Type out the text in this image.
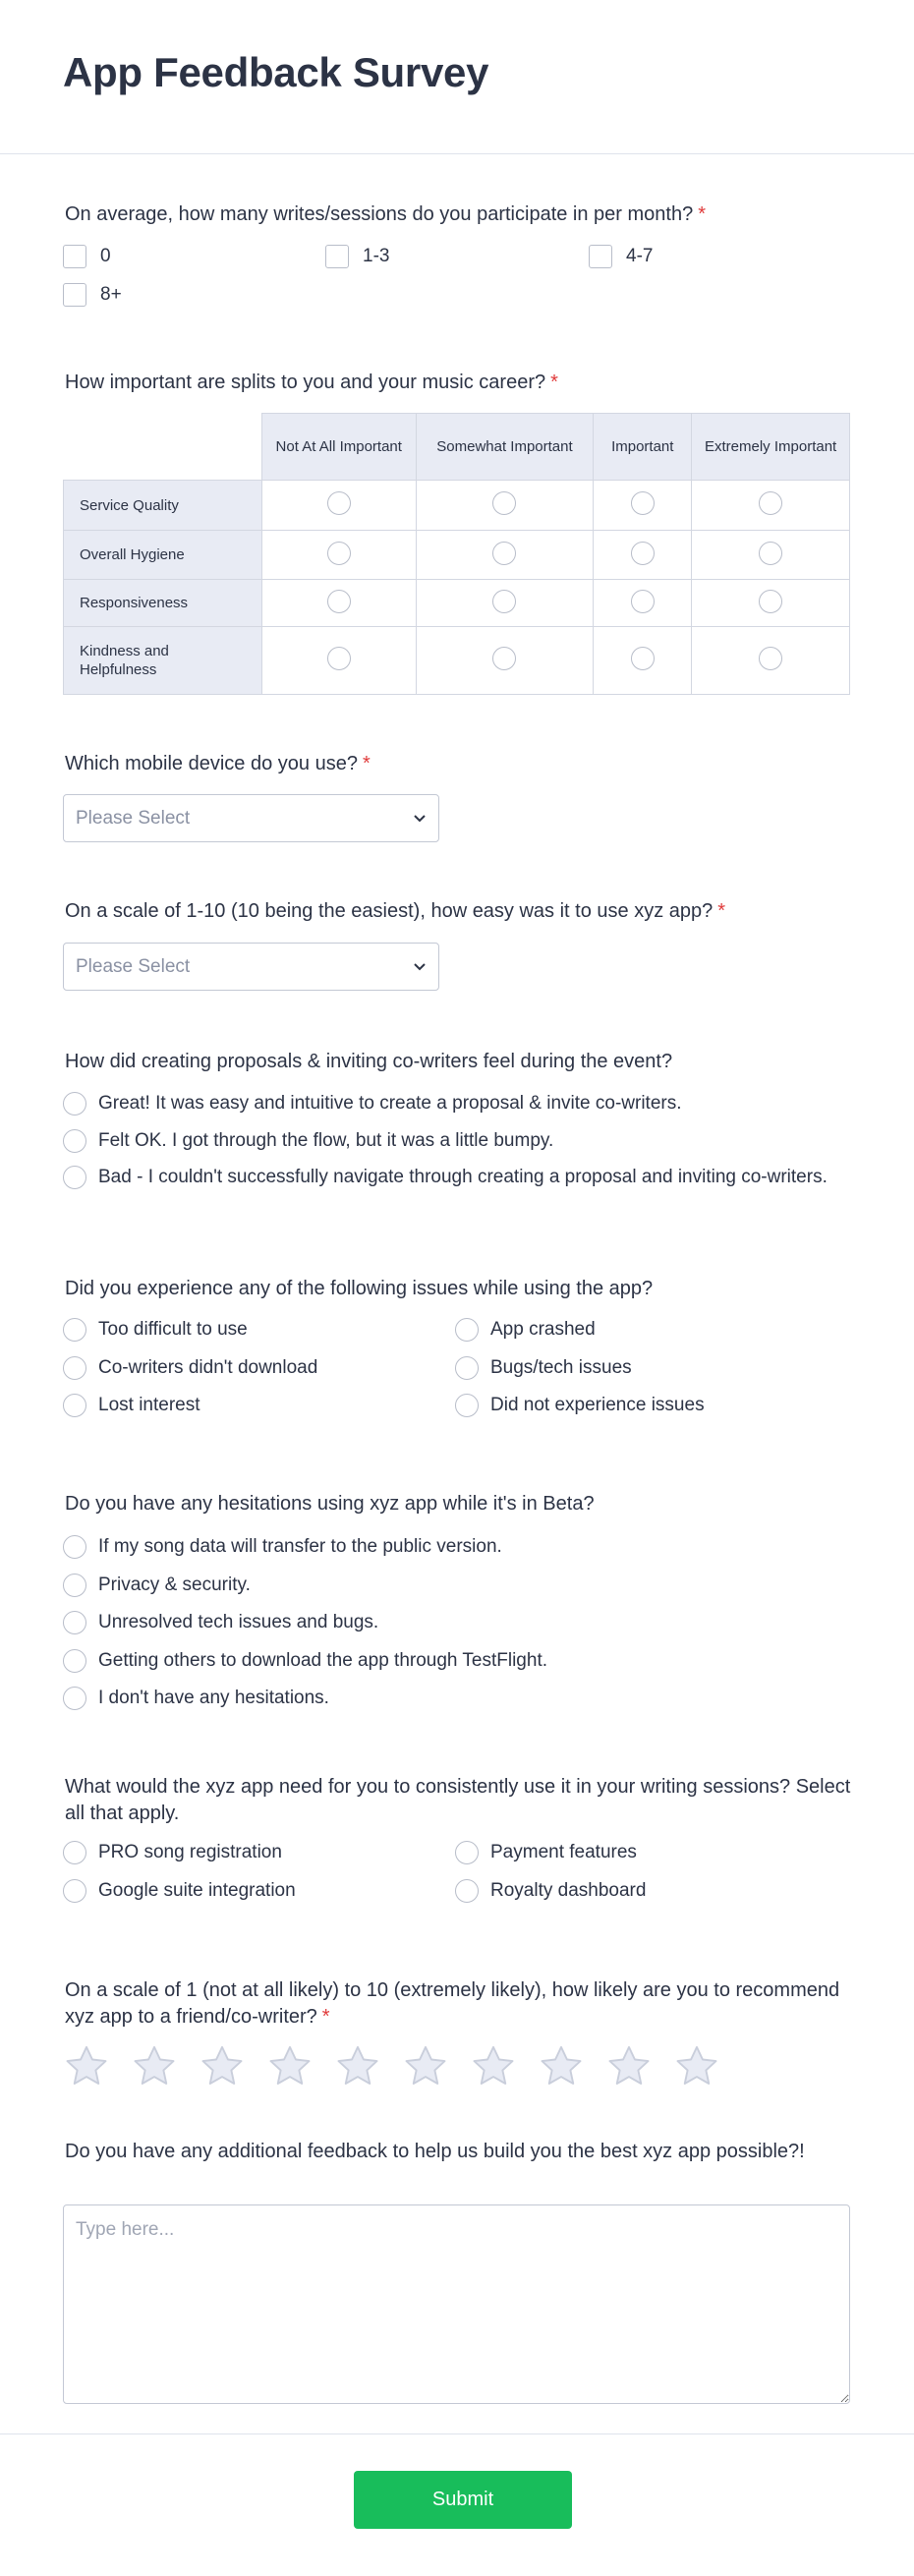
App Feedback Survey
On average, how many writes/sessions do you participate in per month? *
0	1-3	4-7
8+
How important are splits to you and your music career? *
	Not At All Important	Somewhat Important	Important	Extremely Important
Service Quality				
Overall Hygiene				
Responsiveness				
Kindness and Helpfulness				
Which mobile device do you use? *
Please Select
On a scale of 1-10 (10 being the easiest), how easy was it to use xyz app? *
Please Select
How did creating proposals & inviting co-writers feel during the event?
Great! It was easy and intuitive to create a proposal & invite co-writers.
Felt OK. I got through the flow, but it was a little bumpy.
Bad - I couldn't successfully navigate through creating a proposal and inviting co-writers.
Did you experience any of the following issues while using the app?
Too difficult to use	App crashed
Co-writers didn't download	Bugs/tech issues
Lost interest	Did not experience issues
Do you have any hesitations using xyz app while it's in Beta?
If my song data will transfer to the public version.
Privacy & security.
Unresolved tech issues and bugs.
Getting others to download the app through TestFlight.
I don't have any hesitations.
What would the xyz app need for you to consistently use it in your writing sessions? Select all that apply.
PRO song registration	Payment features
Google suite integration	Royalty dashboard
On a scale of 1 (not at all likely) to 10 (extremely likely), how likely are you to recommend xyz app to a friend/co-writer? *
Do you have any additional feedback to help us build you the best xyz app possible?!
Type here...
Submit
